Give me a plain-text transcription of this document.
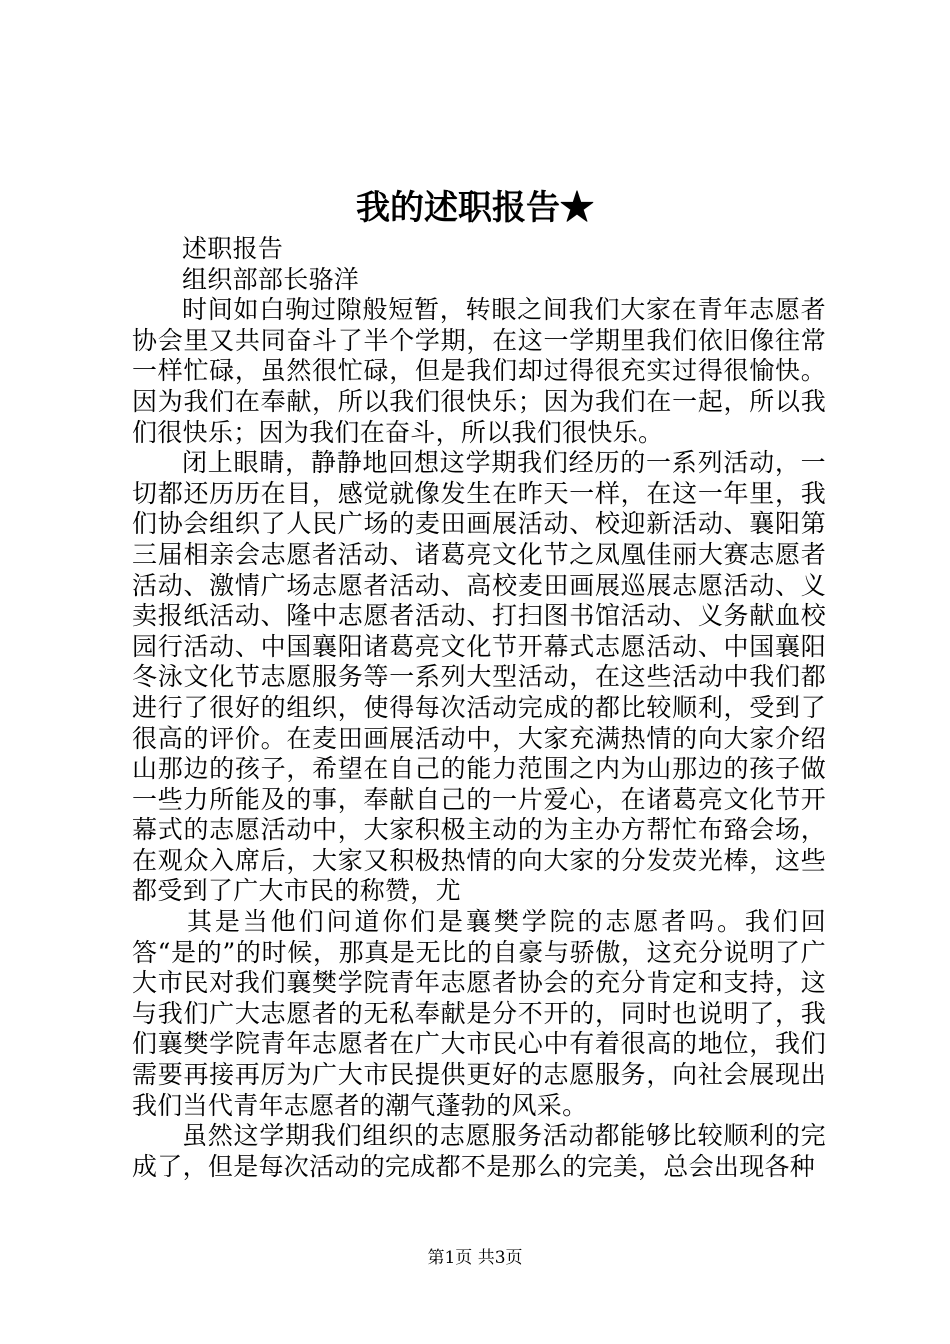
我的述职报告★

述职报告

组织部部长骆洋

时间如白驹过隙般短暂，转眼之间我们大家在青年志愿者协会里又共同奋斗了半个学期，在这一学期里我们依旧像往常一样忙碌，虽然很忙碌，但是我们却过得很充实过得很愉快。因为我们在奉献，所以我们很快乐；因为我们在一起，所以我们很快乐；因为我们在奋斗，所以我们很快乐。

闭上眼睛，静静地回想这学期我们经历的一系列活动，一切都还历历在目，感觉就像发生在昨天一样，在这一年里，我们协会组织了人民广场的麦田画展活动、校迎新活动、襄阳第三届相亲会志愿者活动、诸葛亮文化节之凤凰佳丽大赛志愿者活动、激情广场志愿者活动、高校麦田画展巡展志愿活动、义卖报纸活动、隆中志愿者活动、打扫图书馆活动、义务献血校园行活动、中国襄阳诸葛亮文化节开幕式志愿活动、中国襄阳冬泳文化节志愿服务等一系列大型活动，在这些活动中我们都进行了很好的组织，使得每次活动完成的都比较顺利，受到了很高的评价。在麦田画展活动中，大家充满热情的向大家介绍山那边的孩子，希望在自己的能力范围之内为山那边的孩子做一些力所能及的事，奉献自己的一片爱心，在诸葛亮文化节开幕式的志愿活动中，大家积极主动的为主办方帮忙布臵会场，在观众入席后，大家又积极热情的向大家的分发荧光棒，这些都受到了广大市民的称赞，尤

其是当他们问道你们是襄樊学院的志愿者吗。我们回答“是的”的时候，那真是无比的自豪与骄傲，这充分说明了广大市民对我们襄樊学院青年志愿者协会的充分肯定和支持，这与我们广大志愿者的无私奉献是分不开的，同时也说明了，我们襄樊学院青年志愿者在广大市民心中有着很高的地位，我们需要再接再厉为广大市民提供更好的志愿服务，向社会展现出我们当代青年志愿者的潮气蓬勃的风采。

虽然这学期我们组织的志愿服务活动都能够比较顺利的完成了，但是每次活动的完成都不是那么的完美，总会出现各种

第1页 共3页
